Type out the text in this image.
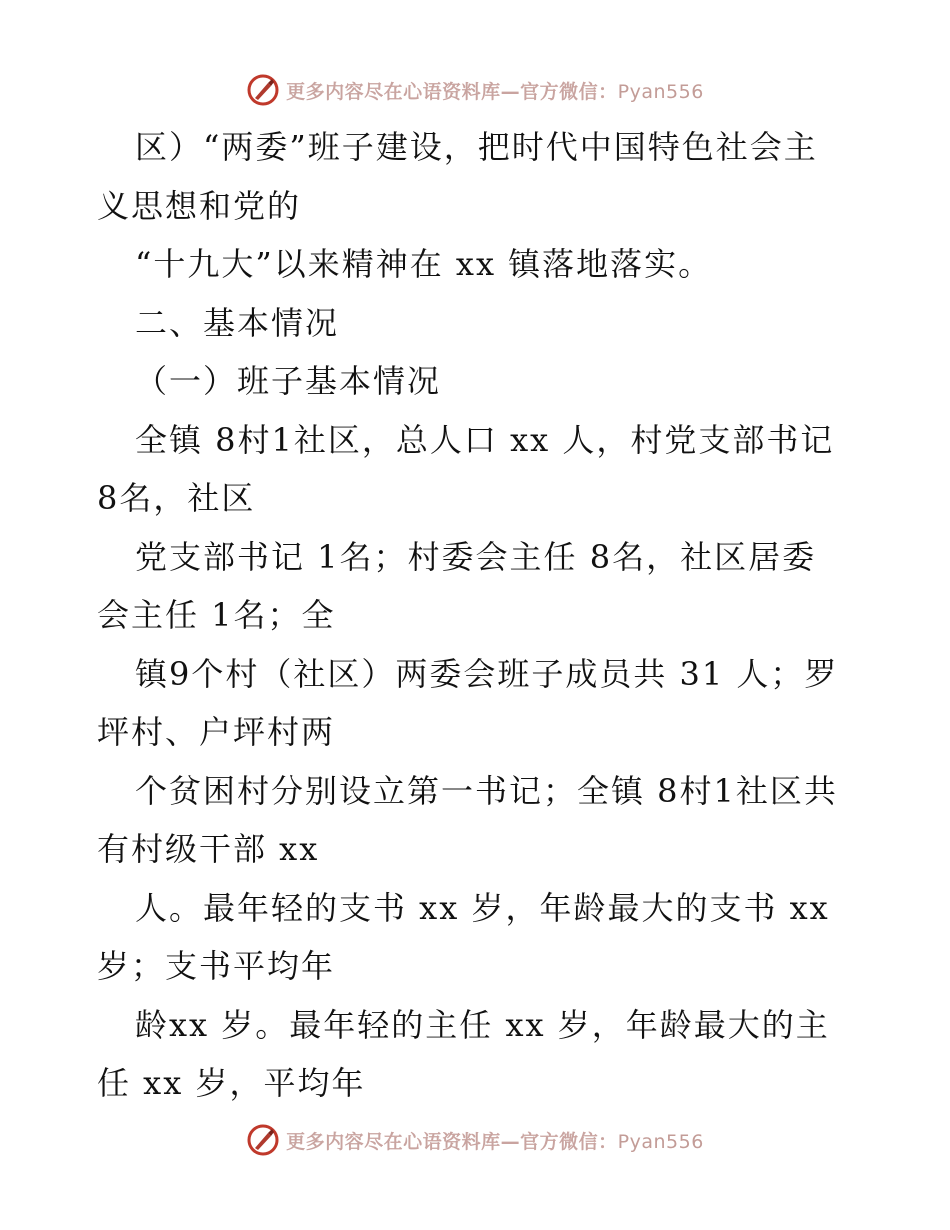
更多内容尽在心语资料库—官方微信：Pyan556
区）“两委”班子建设，把时代中国特色社会主
义思想和党的
“十九大”以来精神在 xx 镇落地落实。
二、基本情况
（一）班子基本情况
全镇 8村1社区，总人口 xx 人，村党支部书记
8名，社区
党支部书记 1名；村委会主任 8名，社区居委
会主任 1名；全
镇9个村（社区）两委会班子成员共 31 人；罗
坪村、户坪村两
个贫困村分别设立第一书记；全镇 8村1社区共
有村级干部 xx
人。最年轻的支书 xx 岁，年龄最大的支书 xx
岁；支书平均年
龄xx 岁。最年轻的主任 xx 岁，年龄最大的主
任 xx 岁，平均年
更多内容尽在心语资料库—官方微信：Pyan556
